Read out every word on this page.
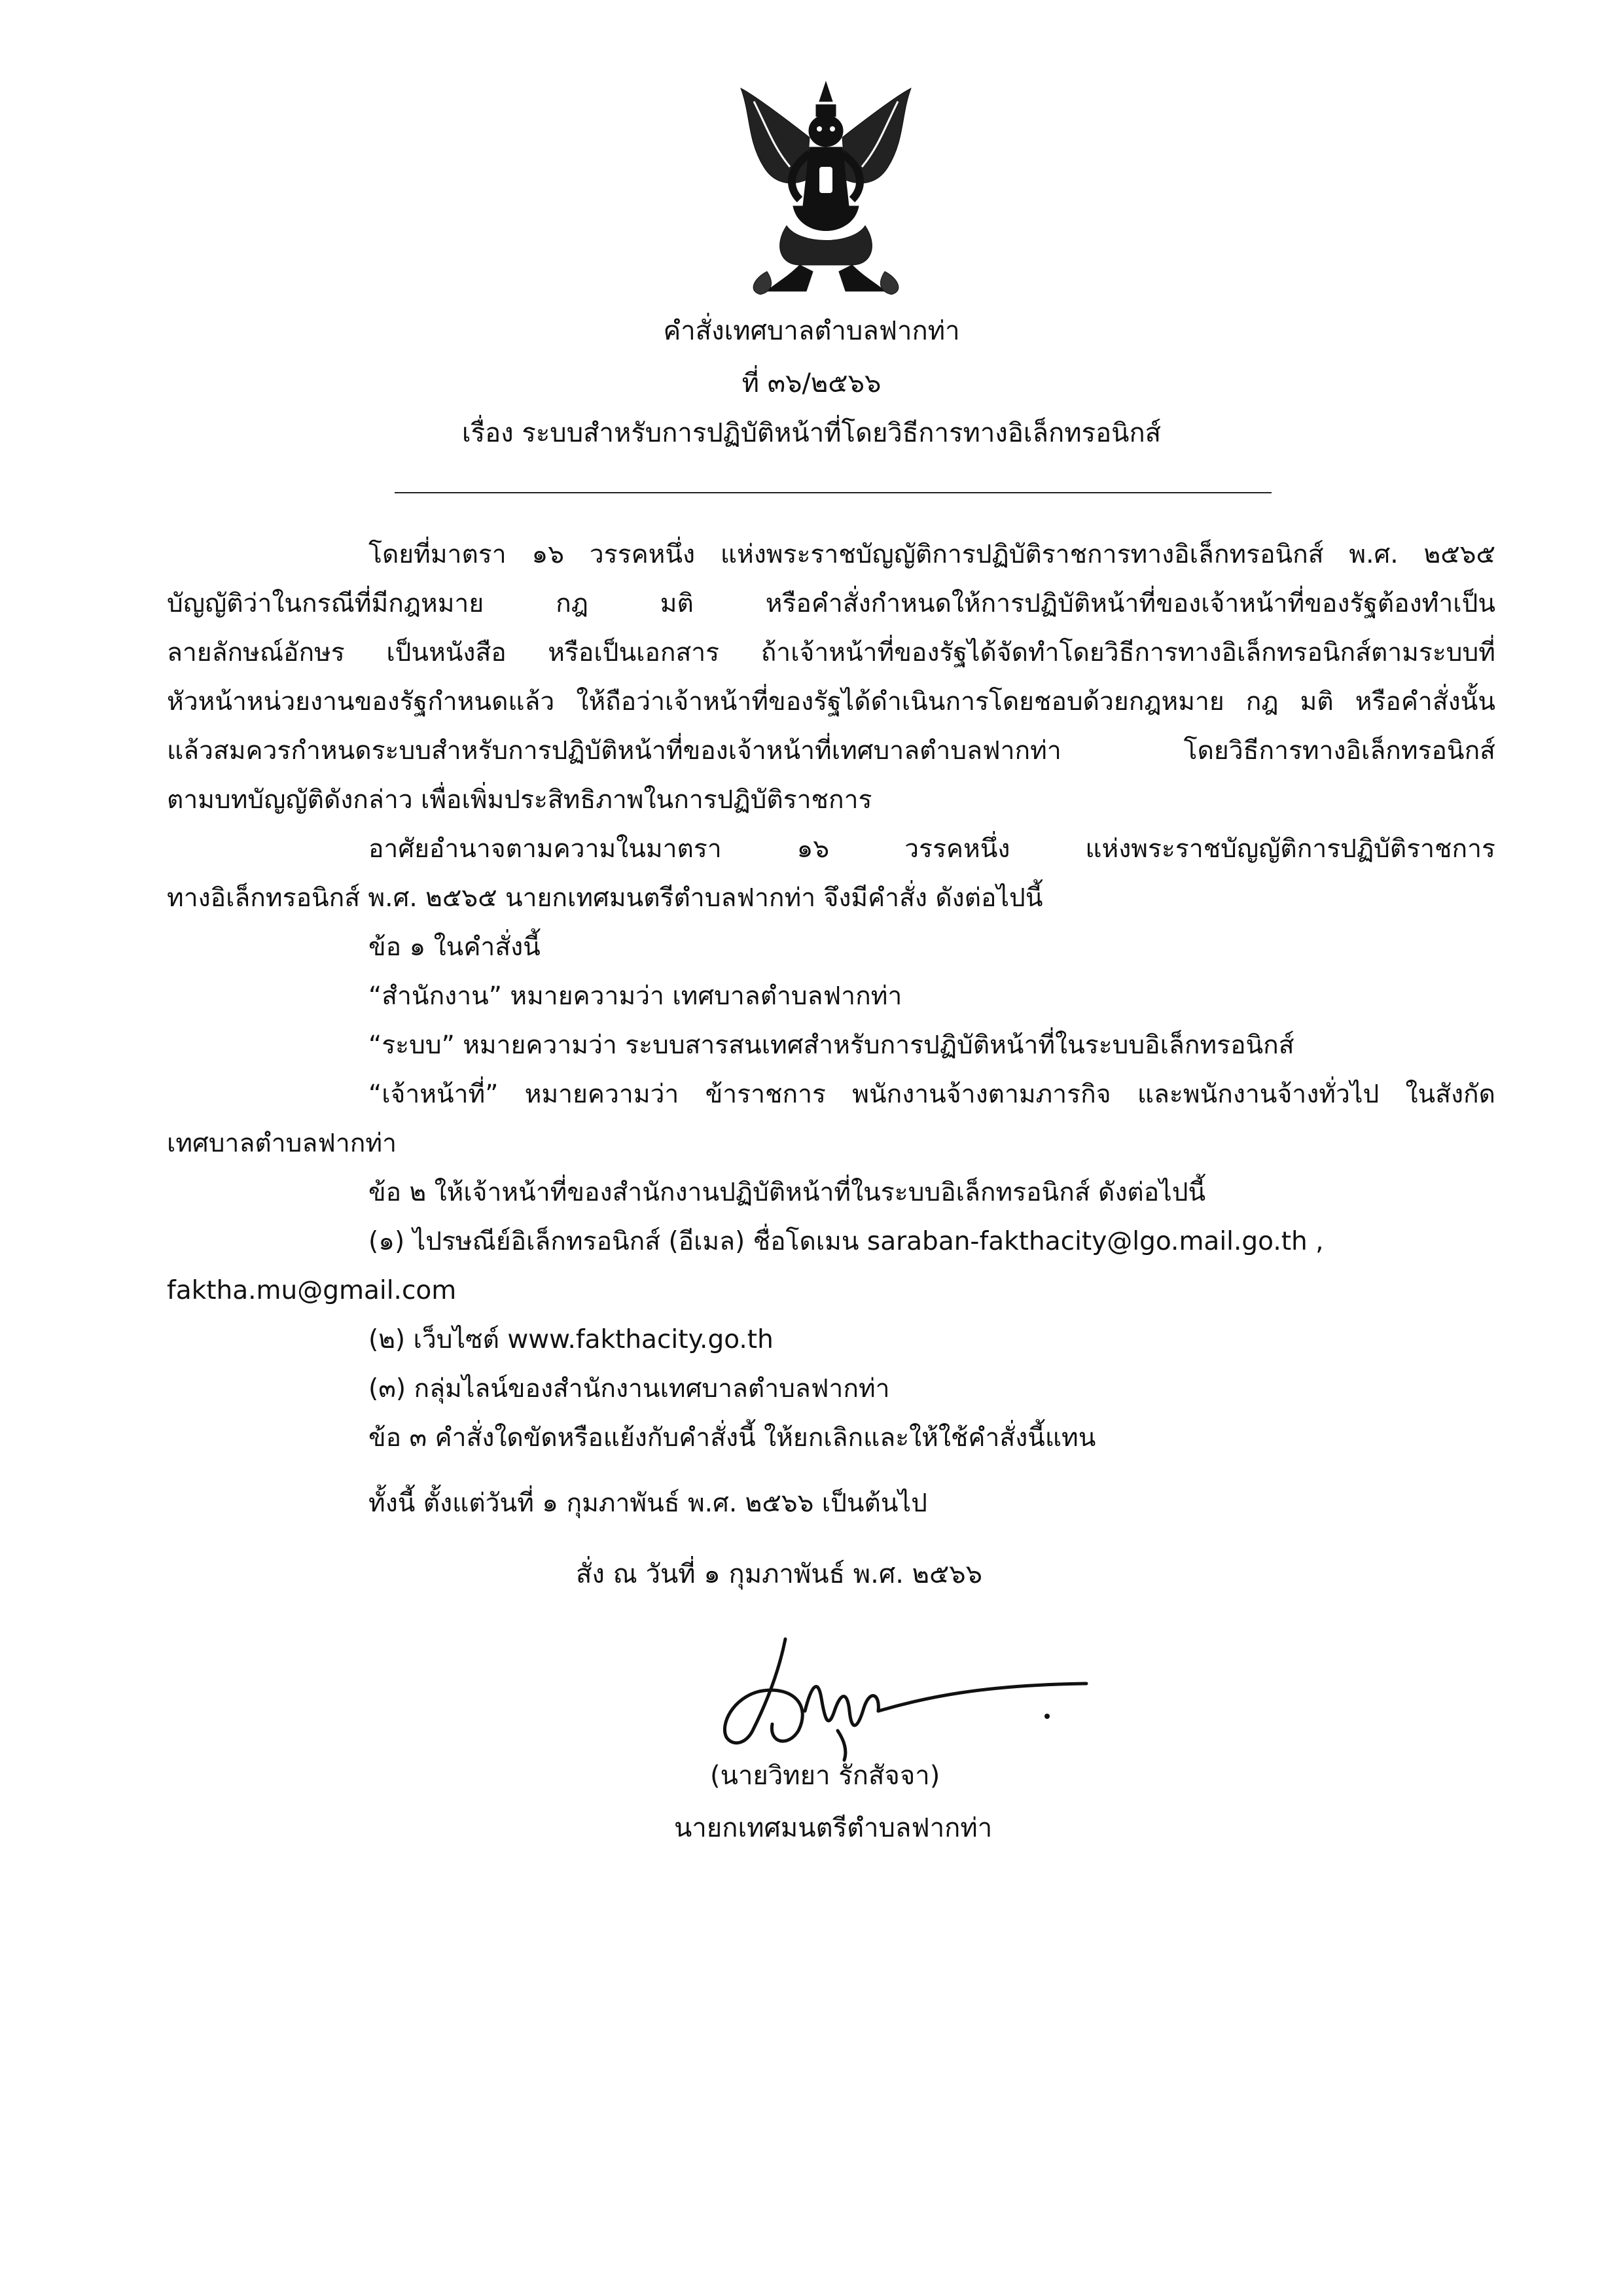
คำสั่งเทศบาลตำบลฟากท่า
ที่ ๓๖/๒๕๖๖
เรื่อง ระบบสำหรับการปฏิบัติหน้าที่โดยวิธีการทางอิเล็กทรอนิกส์
โดยที่มาตรา ๑๖ วรรคหนึ่ง แห่งพระราชบัญญัติการปฏิบัติราชการทางอิเล็กทรอนิกส์ พ.ศ. ๒๕๖๕
บัญญัติว่าในกรณีที่มีกฎหมาย กฎ มติ หรือคำสั่งกำหนดให้การปฏิบัติหน้าที่ของเจ้าหน้าที่ของรัฐต้องทำเป็น
ลายลักษณ์อักษร เป็นหนังสือ หรือเป็นเอกสาร ถ้าเจ้าหน้าที่ของรัฐได้จัดทำโดยวิธีการทางอิเล็กทรอนิกส์ตามระบบที่
หัวหน้าหน่วยงานของรัฐกำหนดแล้ว ให้ถือว่าเจ้าหน้าที่ของรัฐได้ดำเนินการโดยชอบด้วยกฎหมาย กฎ มติ หรือคำสั่งนั้น
แล้วสมควรกำหนดระบบสำหรับการปฏิบัติหน้าที่ของเจ้าหน้าที่เทศบาลตำบลฟากท่า โดยวิธีการทางอิเล็กทรอนิกส์
ตามบทบัญญัติดังกล่าว เพื่อเพิ่มประสิทธิภาพในการปฏิบัติราชการ
อาศัยอำนาจตามความในมาตรา ๑๖ วรรคหนึ่ง แห่งพระราชบัญญัติการปฏิบัติราชการ
ทางอิเล็กทรอนิกส์ พ.ศ. ๒๕๖๕ นายกเทศมนตรีตำบลฟากท่า จึงมีคำสั่ง ดังต่อไปนี้
ข้อ ๑ ในคำสั่งนี้
“สำนักงาน” หมายความว่า เทศบาลตำบลฟากท่า
“ระบบ” หมายความว่า ระบบสารสนเทศสำหรับการปฏิบัติหน้าที่ในระบบอิเล็กทรอนิกส์
“เจ้าหน้าที่” หมายความว่า ข้าราชการ พนักงานจ้างตามภารกิจ และพนักงานจ้างทั่วไป ในสังกัด
เทศบาลตำบลฟากท่า
ข้อ ๒ ให้เจ้าหน้าที่ของสำนักงานปฏิบัติหน้าที่ในระบบอิเล็กทรอนิกส์ ดังต่อไปนี้
(๑) ไปรษณีย์อิเล็กทรอนิกส์ (อีเมล) ชื่อโดเมน saraban-fakthacity@lgo.mail.go.th ,
faktha.mu@gmail.com
(๒) เว็บไซต์ www.fakthacity.go.th
(๓) กลุ่มไลน์ของสำนักงานเทศบาลตำบลฟากท่า
ข้อ ๓ คำสั่งใดขัดหรือแย้งกับคำสั่งนี้ ให้ยกเลิกและให้ใช้คำสั่งนี้แทน
ทั้งนี้ ตั้งแต่วันที่ ๑ กุมภาพันธ์ พ.ศ. ๒๕๖๖ เป็นต้นไป
สั่ง ณ วันที่ ๑ กุมภาพันธ์ พ.ศ. ๒๕๖๖
(นายวิทยา รักสัจจา)
นายกเทศมนตรีตำบลฟากท่า
